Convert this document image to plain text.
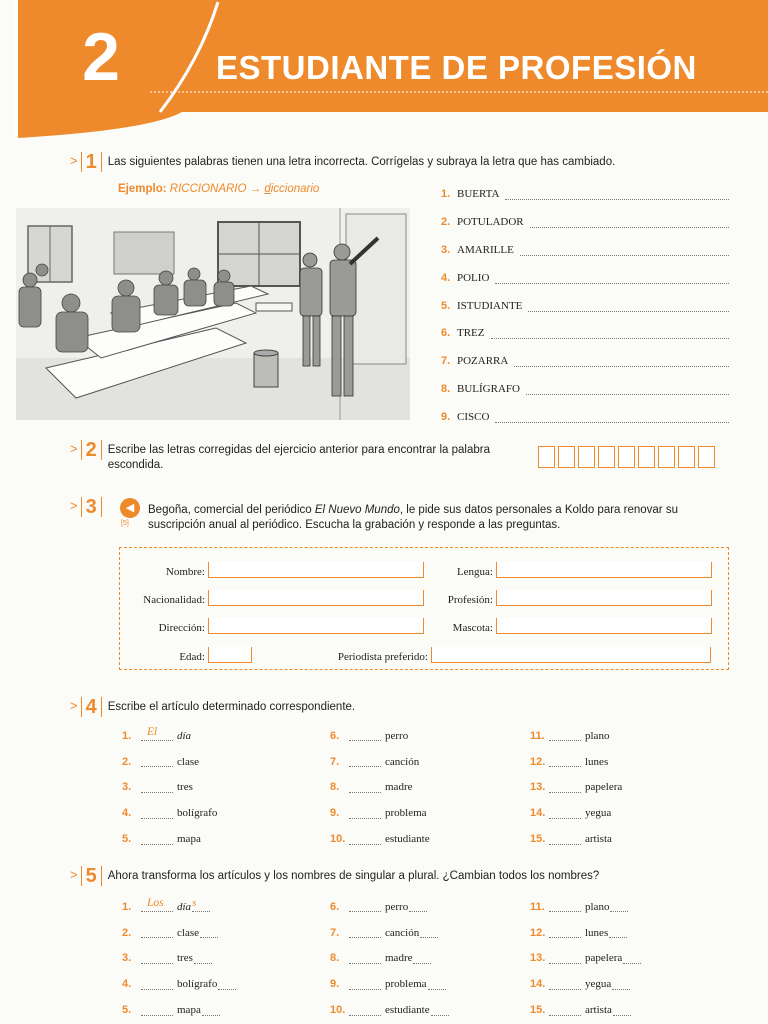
2	ESTUDIANTE DE PROFESIÓN
> 1 Las siguientes palabras tienen una letra incorrecta. Corrígelas y subraya la letra que has cambiado.
Ejemplo: RICCIONARIO → diccionario	1. BUERTA
2. POTULADOR
3. AMARILLE
4. POLIO
5. ISTUDIANTE
6. TREZ
7. POZARRA
8. BULÍGRAFO
9. CISCO
> 2 Escribe las letras corregidas del ejercicio anterior para encontrar la palabra escondida.
> 3	◀
[5]
Begoña, comercial del periódico El Nuevo Mundo, le pide sus datos personales a Koldo para renovar su suscripción anual al periódico. Escucha la grabación y responde a las preguntas.
Nombre:	Lengua:
Nacionalidad:	Profesión:
Dirección:	Mascota:
Edad:	Periodista preferido:
> 4 Escribe el artículo determinado correspondiente.
1.	El día
2.	clase
3.	tres
4.	bolígrafo
5.	mapa
6.	perro
7.	canción
8.	madre
9.	problema
10.	estudiante
11.	plano
12.	lunes
13.	papelera
14.	yegua
15.	artista
> 5 Ahora transforma los artículos y los nombres de singular a plural. ¿Cambian todos los nombres?
1.	Los día s
2.	clase
3.	tres
4.	bolígrafo
5.	mapa
6.	perro
7.	canción
8.	madre
9.	problema
10.	estudiante
11.	plano
12.	lunes
13.	papelera
14.	yegua
15.	artista
